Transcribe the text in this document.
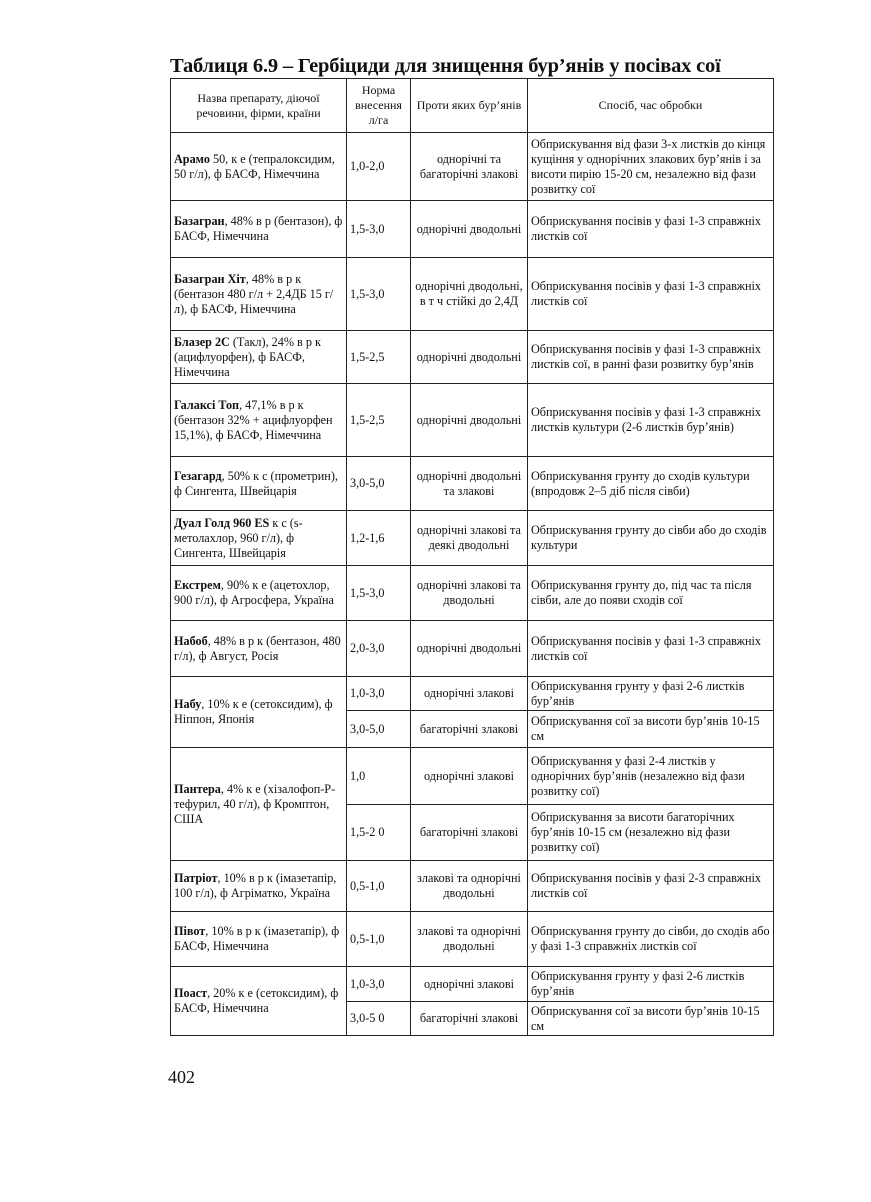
Таблиця 6.9 – Гербіциди для знищення бур’янів у посівах сої
Назва препарату, діючої речовини, фірми, країни	Норма внесення л/га	Проти яких бур’янів	Спосіб, час обробки
Арамо 50, к е (тепралоксидим, 50 г/л), ф БАСФ, Німеччина	1,0-2,0	однорічні та багаторічні злакові	Обприскування від фази 3-х листків до кінця кущіння у однорічних злакових бур’янів і за висоти пирію 15-20 см, незалежно від фази розвитку сої
Базагран, 48% в р (бентазон), ф БАСФ, Німеччина	1,5-3,0	однорічні дводольні	Обприскування посівів у фазі 1-3 справжніх листків сої
Базагран Хіт, 48% в р к (бентазон 480 г/л + 2,4ДБ 15 г/л), ф БАСФ, Німеччина	1,5-3,0	однорічні дводольні, в т ч стійкі до 2,4Д	Обприскування посівів у фазі 1-3 справжніх листків сої
Блазер 2С (Такл), 24% в р к (ацифлуорфен), ф БАСФ, Німеччина	1,5-2,5	однорічні дводольні	Обприскування посівів у фазі 1-3 справжніх листків сої, в ранні фази розвитку бур’янів
Галаксі Топ, 47,1% в р к (бентазон 32% + ацифлуорфен 15,1%), ф БАСФ, Німеччина	1,5-2,5	однорічні дводольні	Обприскування посівів у фазі 1-3 справжніх листків культури (2-6 листків бур’янів)
Гезагард, 50% к с (прометрин), ф Сингента, Швейцарія	3,0-5,0	однорічні дводольні та злакові	Обприскування грунту до сходів культури (впродовж 2–5 діб після сівби)
Дуал Голд 960 ES к с (s-метолахлор, 960 г/л), ф Сингента, Швейцарія	1,2-1,6	однорічні злакові та деякі дводольні	Обприскування грунту до сівби або до сходів культури
Екстрем, 90% к е (ацетохлор, 900 г/л), ф Агросфера, Україна	1,5-3,0	однорічні злакові та дводольні	Обприскування грунту до, під час та після сівби, але до появи сходів сої
Набоб, 48% в р к (бентазон, 480 г/л), ф Август, Росія	2,0-3,0	однорічні дводольні	Обприскування посівів у фазі 1-3 справжніх листків сої
Набу, 10% к е (сетоксидим), ф Ніппон, Японія	1,0-3,0	однорічні злакові	Обприскування грунту у фазі 2-6 листків бур’янів
	3,0-5,0	багаторічні злакові	Обприскування сої за висоти бур’янів 10-15 см
Пантера, 4% к е (хізалофоп-Р-тефурил, 40 г/л), ф Кромптон, США	1,0	однорічні злакові	Обприскування у фазі 2-4 листків у однорічних бур’янів (незалежно від фази розвитку сої)
	1,5-2 0	багаторічні злакові	Обприскування за висоти багаторічних бур’янів 10-15 см (незалежно від фази розвитку сої)
Патріот, 10% в р к (імазетапір, 100 г/л), ф Агріматко, Україна	0,5-1,0	злакові та однорічні дводольні	Обприскування посівів у фазі 2-3 справжніх листків сої
Півот, 10% в р к (імазетапір), ф БАСФ, Німеччина	0,5-1,0	злакові та однорічні дводольні	Обприскування грунту до сівби, до сходів або у фазі 1-3 справжніх листків сої
Поаст, 20% к е (сетоксидим), ф БАСФ, Німеччина	1,0-3,0	однорічні злакові	Обприскування грунту у фазі 2-6 листків бур’янів
	3,0-5 0	багаторічні злакові	Обприскування сої за висоти бур’янів 10-15 см
402
